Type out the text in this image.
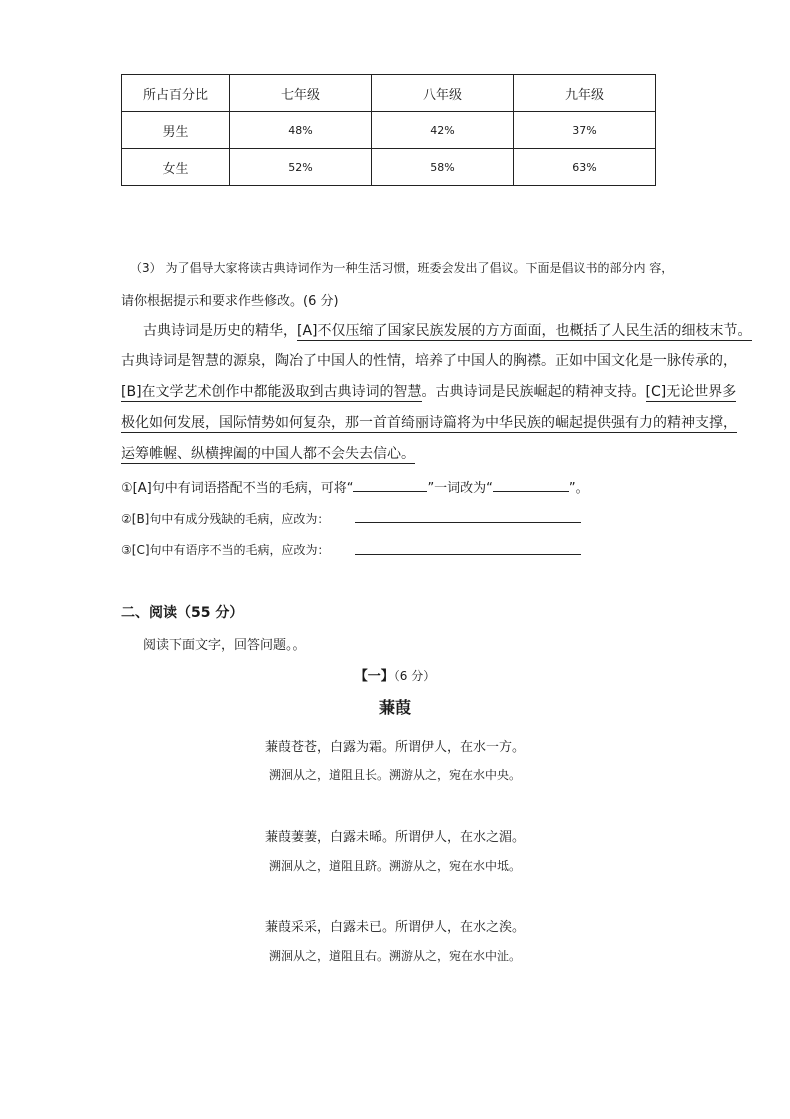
所占百分比	七年级	八年级	九年级
男生	48%	42%	37%
女生	52%	58%	63%
（3） 为了倡导大家将读古典诗词作为一种生活习惯，班委会发出了倡议。下面是倡议书的部分内 容，
请你根据提示和要求作些修改。(6 分)
古典诗词是历史的精华，[A]不仅压缩了国家民族发展的方方面面，也概括了人民生活的细枝末节。
古典诗词是智慧的源泉，陶冶了中国人的性情，培养了中国人的胸襟。正如中国文化是一脉传承的，
[B]在文学艺术创作中都能汲取到古典诗词的智慧。古典诗词是民族崛起的精神支持。[C]无论世界多
极化如何发展，国际情势如何复杂，那一首首绮丽诗篇将为中华民族的崛起提供强有力的精神支撑，
运筹帷幄、纵横捭阖的中国人都不会失去信心。
①[A]句中有词语搭配不当的毛病，可将“	”一词改为“	”。
②[B]句中有成分残缺的毛病，应改为：
③[C]句中有语序不当的毛病，应改为：
二、阅读（55 分）
阅读下面文字，回答问题。。
【一】（6 分）
蒹葭
蒹葭苍苍，白露为霜。所谓伊人，在水一方。
溯洄从之，道阻且长。溯游从之，宛在水中央。
蒹葭萋萋，白露未晞。所谓伊人，在水之湄。
溯洄从之，道阻且跻。溯游从之，宛在水中坻。
蒹葭采采，白露未已。所谓伊人，在水之涘。
溯洄从之，道阻且右。溯游从之，宛在水中沚。
